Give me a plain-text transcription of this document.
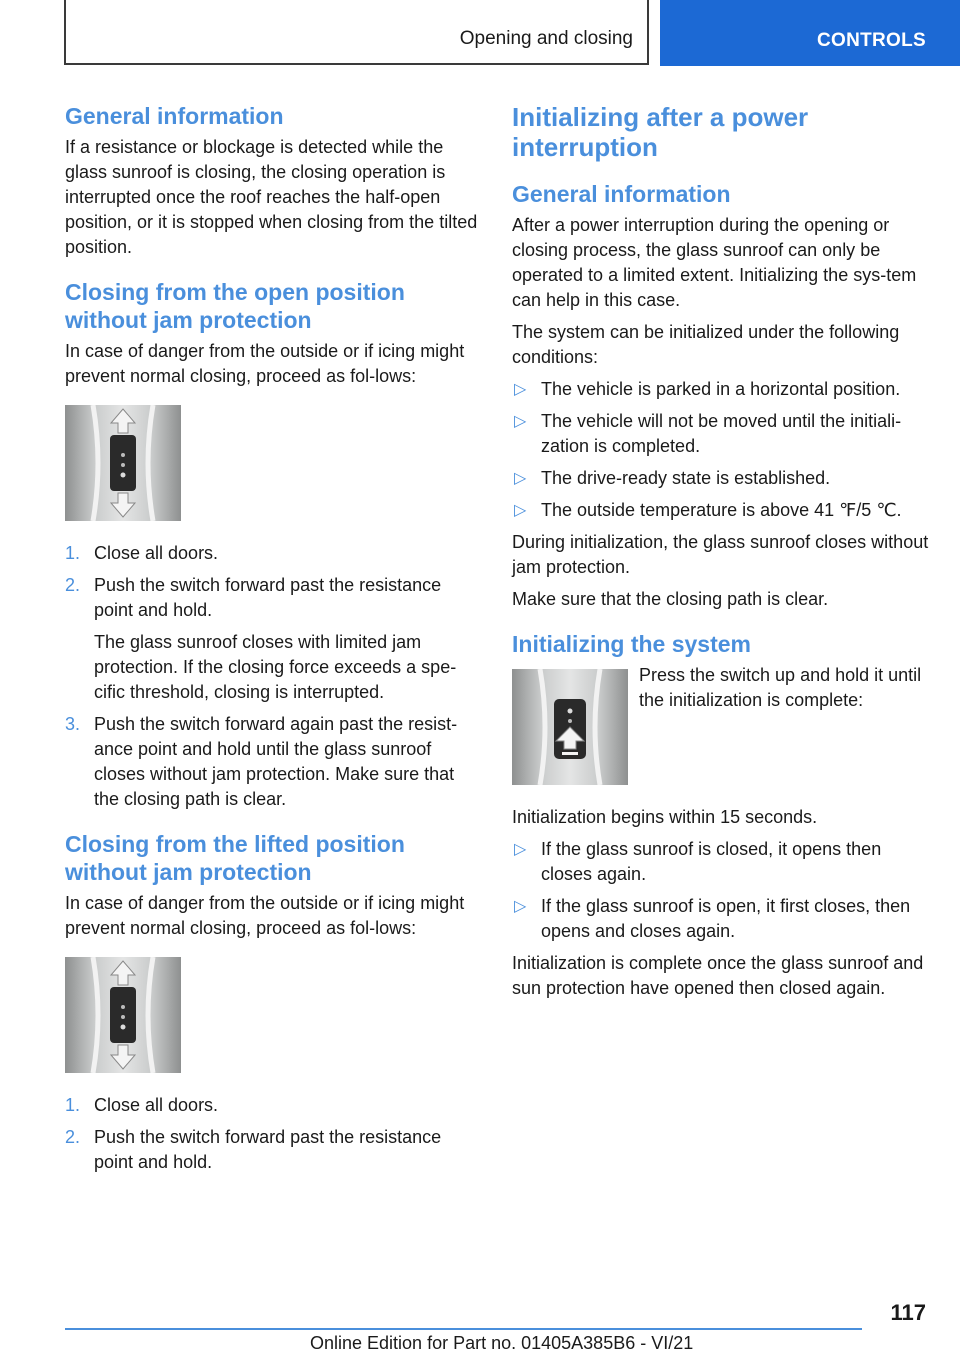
Opening and closing	CONTROLS
General information

If a resistance or blockage is detected while the glass sunroof is closing, the closing operation is interrupted once the roof reaches the half-open position, or it is stopped when closing from the tilted position.

Closing from the open position without jam protection

In case of danger from the outside or if icing might prevent normal closing, proceed as fol-lows:

1. Close all doors.
2. Push the switch forward past the resistance point and hold.
The glass sunroof closes with limited jam protection. If the closing force exceeds a spe-cific threshold, closing is interrupted.
3. Push the switch forward again past the resist-ance point and hold until the glass sunroof closes without jam protection. Make sure that the closing path is clear.
Closing from the lifted position without jam protection

In case of danger from the outside or if icing might prevent normal closing, proceed as fol-lows:

1. Close all doors.
2. Push the switch forward past the resistance point and hold.
Initializing after a power interruption
General information

After a power interruption during the opening or closing process, the glass sunroof can only be operated to a limited extent. Initializing the sys-tem can help in this case.

The system can be initialized under the following conditions:

▷ The vehicle is parked in a horizontal position.
▷ The vehicle will not be moved until the initiali-zation is completed.
▷ The drive-ready state is established.
▷ The outside temperature is above 41 ℉/5 ℃.

During initialization, the glass sunroof closes without jam protection.

Make sure that the closing path is clear.

Initializing the system
Press the switch up and hold it until the initialization is complete:

Initialization begins within 15 seconds.

▷ If the glass sunroof is closed, it opens then closes again.
▷ If the glass sunroof is open, it first closes, then opens and closes again.

Initialization is complete once the glass sunroof and sun protection have opened then closed again.

117
Online Edition for Part no. 01405A385B6 - VI/21
